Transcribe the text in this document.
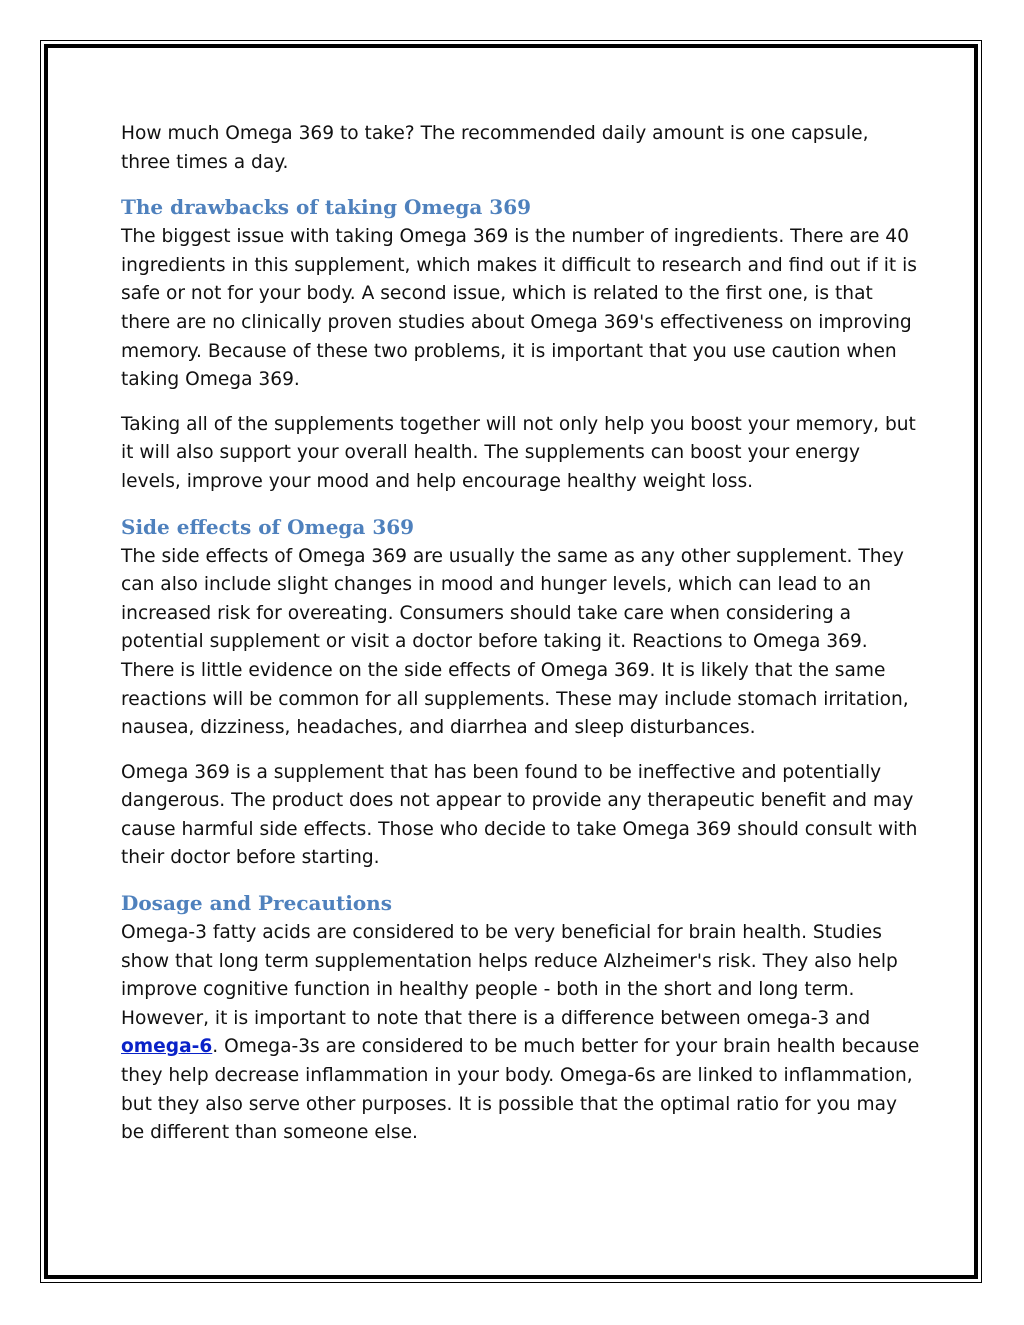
How much Omega 369 to take? The recommended daily amount is one capsule, three times a day.

The drawbacks of taking Omega 369

The biggest issue with taking Omega 369 is the number of ingredients. There are 40 ingredients in this supplement, which makes it difficult to research and find out if it is safe or not for your body. A second issue, which is related to the first one, is that there are no clinically proven studies about Omega 369's effectiveness on improving memory. Because of these two problems, it is important that you use caution when taking Omega 369.

Taking all of the supplements together will not only help you boost your memory, but it will also support your overall health. The supplements can boost your energy levels, improve your mood and help encourage healthy weight loss.

Side effects of Omega 369

The side effects of Omega 369 are usually the same as any other supplement. They can also include slight changes in mood and hunger levels, which can lead to an increased risk for overeating. Consumers should take care when considering a potential supplement or visit a doctor before taking it. Reactions to Omega 369. There is little evidence on the side effects of Omega 369. It is likely that the same reactions will be common for all supplements. These may include stomach irritation, nausea, dizziness, headaches, and diarrhea and sleep disturbances.

Omega 369 is a supplement that has been found to be ineffective and potentially dangerous. The product does not appear to provide any therapeutic benefit and may cause harmful side effects. Those who decide to take Omega 369 should consult with their doctor before starting.

Dosage and Precautions

Omega-3 fatty acids are considered to be very beneficial for brain health. Studies show that long term supplementation helps reduce Alzheimer's risk. They also help improve cognitive function in healthy people - both in the short and long term. However, it is important to note that there is a difference between omega-3 and omega-6. Omega-3s are considered to be much better for your brain health because they help decrease inflammation in your body. Omega-6s are linked to inflammation, but they also serve other purposes. It is possible that the optimal ratio for you may be different than someone else.
